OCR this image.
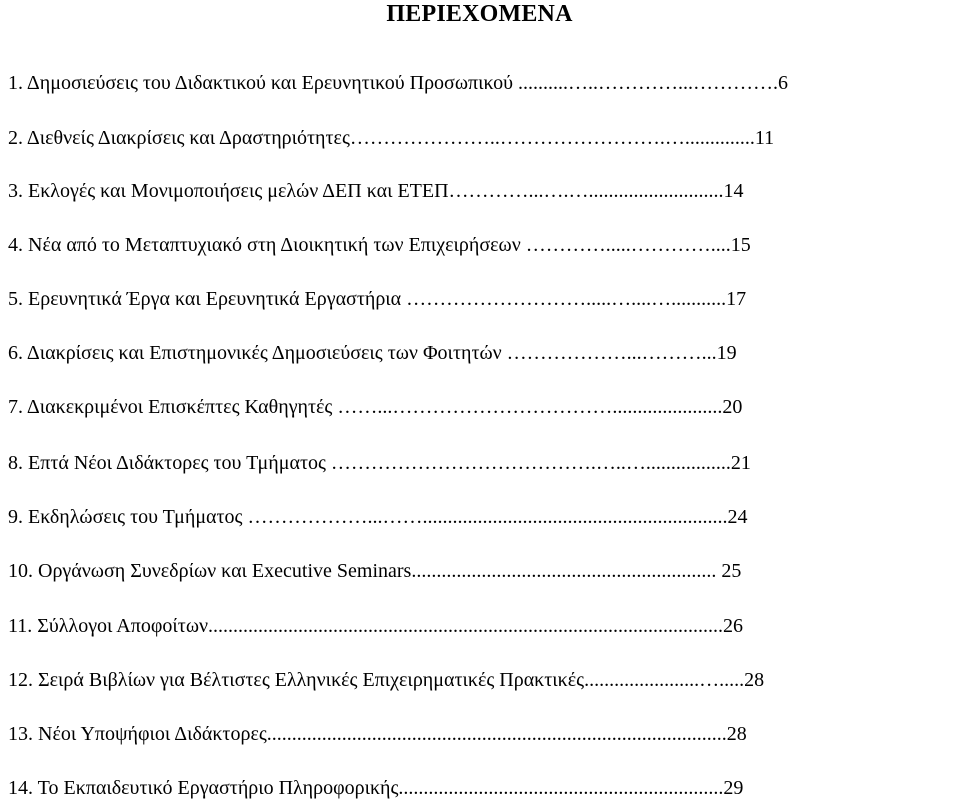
ΠΕΡΙΕΧΟΜΕΝΑ
1. Δημοσιεύσεις του Διδακτικού και Ερευνητικού Προσωπικού ..........…..…………...………….6
2. Διεθνείς Διακρίσεις και Δραστηριότητες…………………..…………………….…..............11
3. Εκλογές και Μονιμοποιήσεις μελών ΔΕΠ και ΕΤΕΠ…………...….…...........................14
4. Νέα από το Μεταπτυχιακό στη Διοικητική των Επιχειρήσεων ………….....…………....15
5. Ερευνητικά Έργα και Ερευνητικά Εργαστήρια ……………………….....…....…...........17
6. Διακρίσεις και Επιστημονικές Δημοσιεύσεις των Φοιτητών ………………...………...19
7. Διακεκριμένοι Επισκέπτες Καθηγητές ……...……………………………......................20
8. Επτά Νέοι Διδάκτορες του Τμήματος ………………………………….…..….................21
9. Εκδηλώσεις του Τμήματος ………………...…….............................................................24
10. Οργάνωση Συνεδρίων και Executive Seminars............................................................. 25
11. Σύλλογοι Αποφοίτων.......................................................................................................26
12. Σειρά Βιβλίων για Βέλτιστες Ελληνικές Επιχειρηματικές Πρακτικές.......................….....28
13. Νέοι Υποψήφιοι Διδάκτορες............................................................................................28
14. Το Εκπαιδευτικό Εργαστήριο Πληροφορικής.................................................................29
